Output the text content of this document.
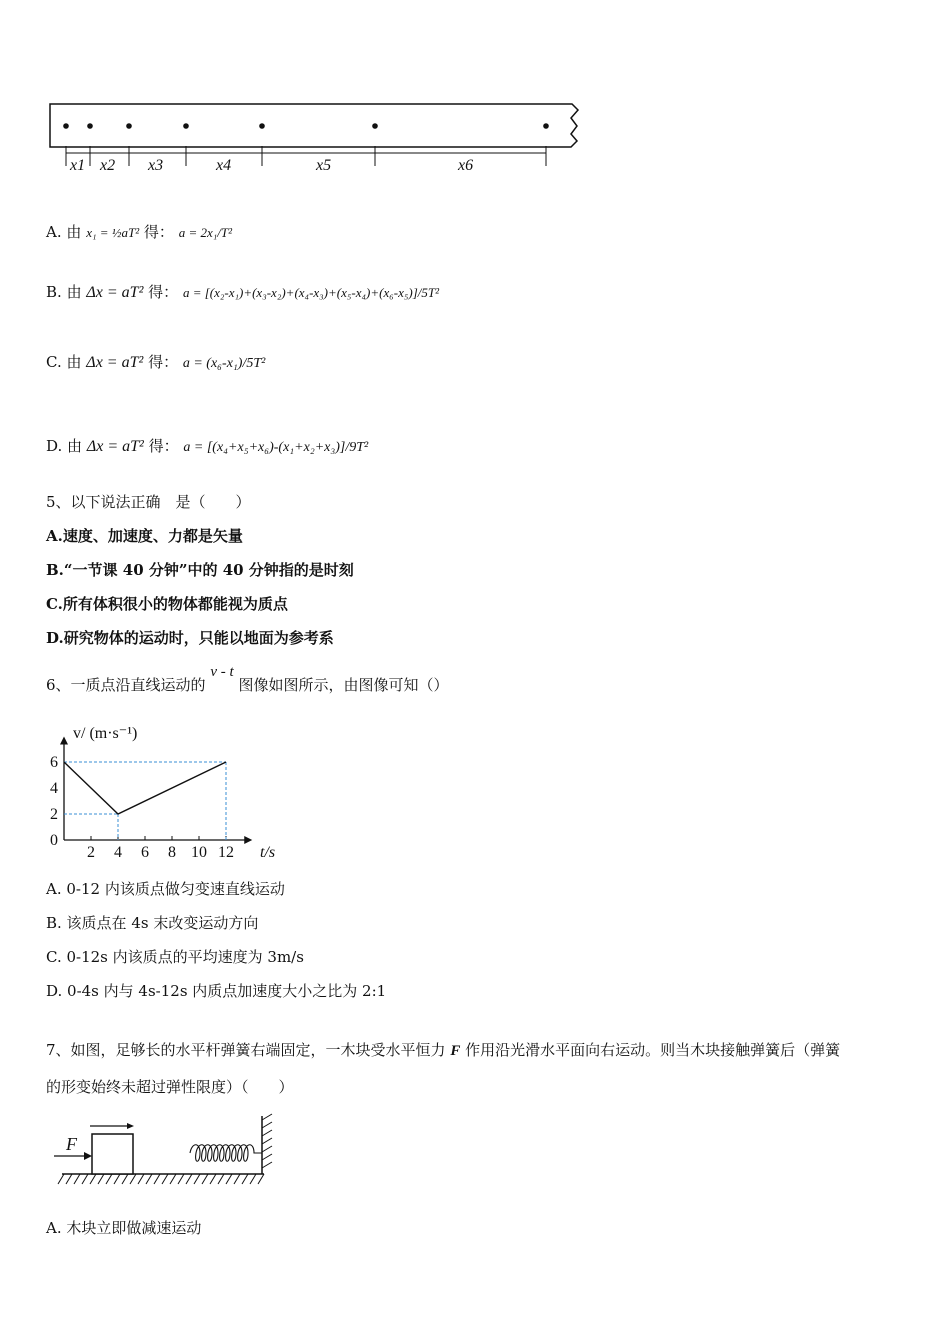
x1 x2 x3	x4	x5	x6
A. 由 x₁ = ½aT² 得： a = 2x₁/T²
B. 由 Δx = aT² 得： a = [(x₂-x₁)+(x₃-x₂)+(x₄-x₃)+(x₅-x₄)+(x₆-x₅)]/5T²
C. 由 Δx = aT² 得： a = (x₆-x₁)/5T²
D. 由 Δx = aT² 得： a = [(x₄+x₅+x₆)-(x₁+x₂+x₃)]/9T²
5、以下说法正确　是（　　）
A.速度、加速度、力都是矢量
B.“一节课 40 分钟”中的 40 分钟指的是时刻
C.所有体积很小的物体都能视为质点
D.研究物体的运动时，只能以地面为参考系
6、一质点沿直线运动的 v - t 图像如图所示，由图像可知（）
v/ (m·s⁻¹)
t/s
2 4 6 8 10 12
0
2
4
6
A. 0-12 内该质点做匀变速直线运动
B. 该质点在 4s 末改变运动方向
C. 0-12s 内该质点的平均速度为 3m/s
D. 0-4s 内与 4s-12s 内质点加速度大小之比为 2:1
7、如图，足够长的水平杆弹簧右端固定，一木块受水平恒力 F 作用沿光滑水平面向右运动。则当木块接触弹簧后（弹簧
的形变始终未超过弹性限度）（　　）
F
A. 木块立即做减速运动
